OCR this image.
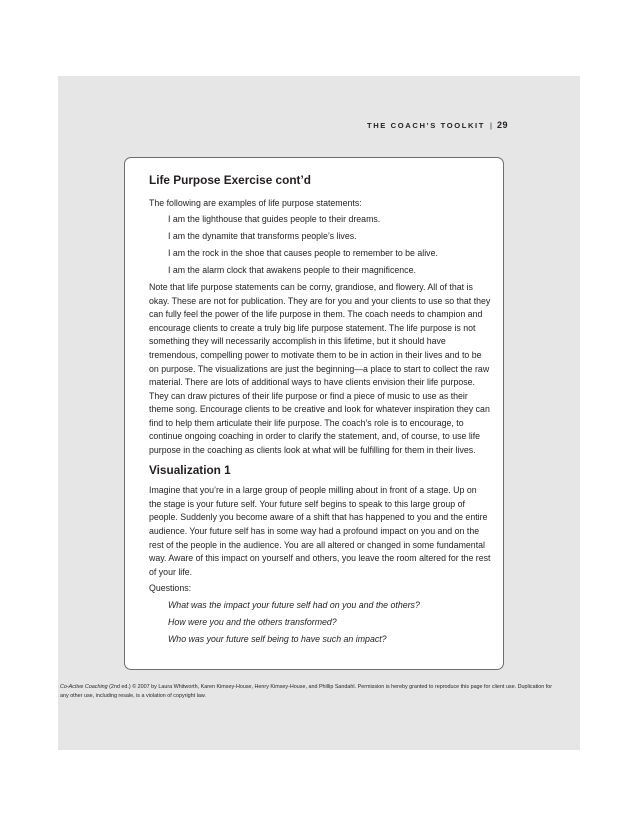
THE COACH’S TOOLKIT | 29
Life Purpose Exercise cont’d

The following are examples of life purpose statements:

I am the lighthouse that guides people to their dreams.

I am the dynamite that transforms people’s lives.

I am the rock in the shoe that causes people to remember to be alive.

I am the alarm clock that awakens people to their magnificence.

Note that life purpose statements can be corny, grandiose, and flowery. All of that is okay. These are not for publication. They are for you and your clients to use so that they can fully feel the power of the life purpose in them. The coach needs to champion and encourage clients to create a truly big life purpose statement. The life purpose is not something they will necessarily accomplish in this lifetime, but it should have tremendous, compelling power to motivate them to be in action in their lives and to be on purpose. The visualizations are just the beginning—a place to start to collect the raw material. There are lots of additional ways to have clients envision their life purpose. They can draw pictures of their life purpose or find a piece of music to use as their theme song. Encourage clients to be creative and look for whatever inspiration they can find to help them articulate their life purpose. The coach’s role is to encourage, to continue ongoing coaching in order to clarify the statement, and, of course, to use life purpose in the coaching as clients look at what will be fulfilling for them in their lives.

Visualization 1

Imagine that you’re in a large group of people milling about in front of a stage. Up on the stage is your future self. Your future self begins to speak to this large group of people. Suddenly you become aware of a shift that has happened to you and the entire audience. Your future self has in some way had a profound impact on you and on the rest of the people in the audience. You are all altered or changed in some fundamental way. Aware of this impact on yourself and others, you leave the room altered for the rest of your life.

Questions:

What was the impact your future self had on you and the others?

How were you and the others transformed?

Who was your future self being to have such an impact?

Co-Active Coaching (2nd ed.) © 2007 by Laura Whitworth, Karen Kimsey-House, Henry Kimsey-House, and Phillip Sandahl. Permission is hereby granted to reproduce this page for client use. Duplication for any other use, including resale, is a violation of copyright law.
